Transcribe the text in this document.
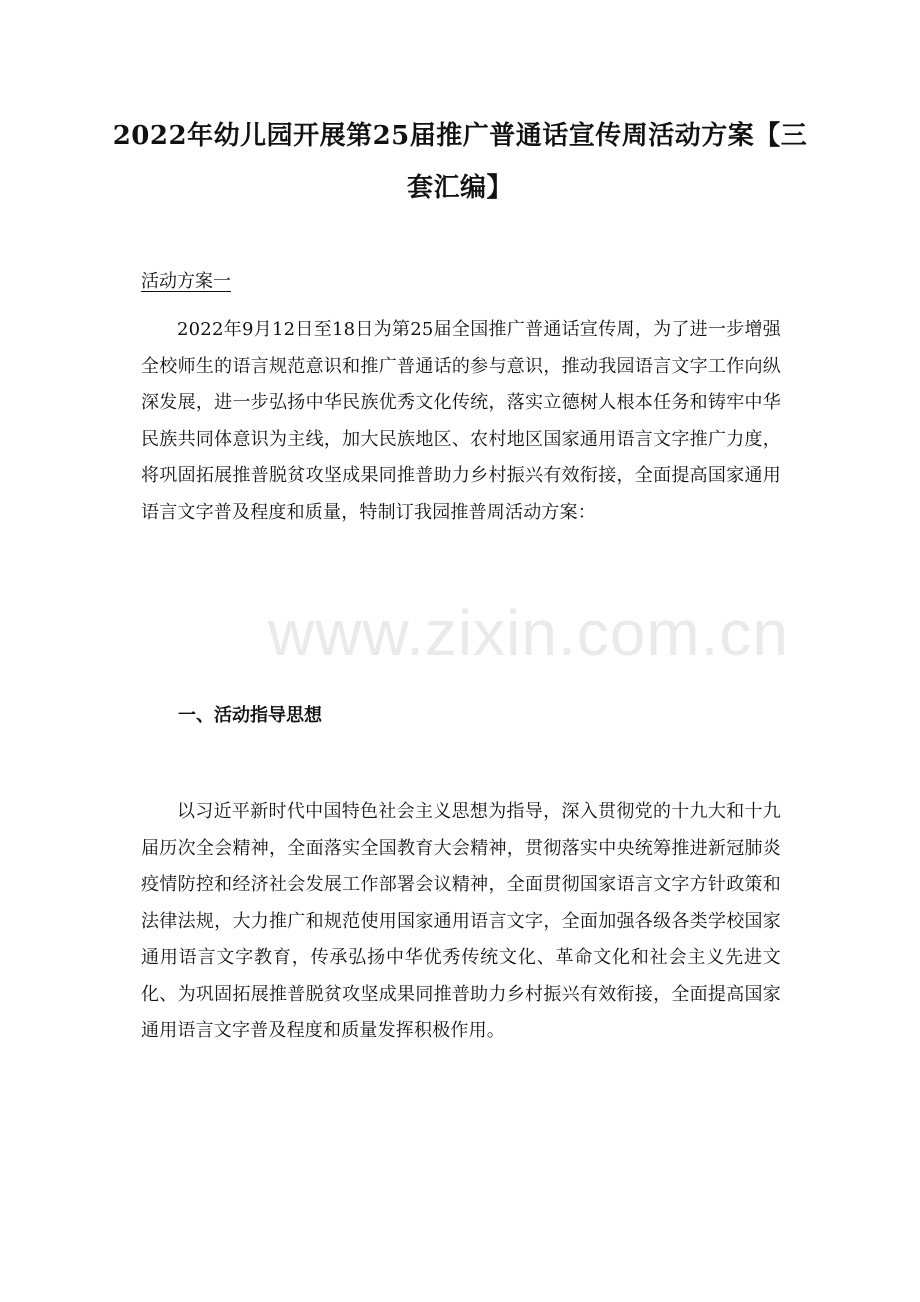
2022年幼儿园开展第25届推广普通话宣传周活动方案【三套汇编】
活动方案一

2022年9月12日至18日为第25届全国推广普通话宣传周，为了进一步增强全校师生的语言规范意识和推广普通话的参与意识，推动我园语言文字工作向纵深发展，进一步弘扬中华民族优秀文化传统，落实立德树人根本任务和铸牢中华民族共同体意识为主线，加大民族地区、农村地区国家通用语言文字推广力度，将巩固拓展推普脱贫攻坚成果同推普助力乡村振兴有效衔接，全面提高国家通用语言文字普及程度和质量，特制订我园推普周活动方案：

一、活动指导思想

以习近平新时代中国特色社会主义思想为指导，深入贯彻党的十九大和十九届历次全会精神，全面落实全国教育大会精神，贯彻落实中央统筹推进新冠肺炎疫情防控和经济社会发展工作部署会议精神，全面贯彻国家语言文字方针政策和法律法规，大力推广和规范使用国家通用语言文字，全面加强各级各类学校国家通用语言文字教育，传承弘扬中华优秀传统文化、革命文化和社会主义先进文化、为巩固拓展推普脱贫攻坚成果同推普助力乡村振兴有效衔接，全面提高国家通用语言文字普及程度和质量发挥积极作用。

www.zixin.com.cn
